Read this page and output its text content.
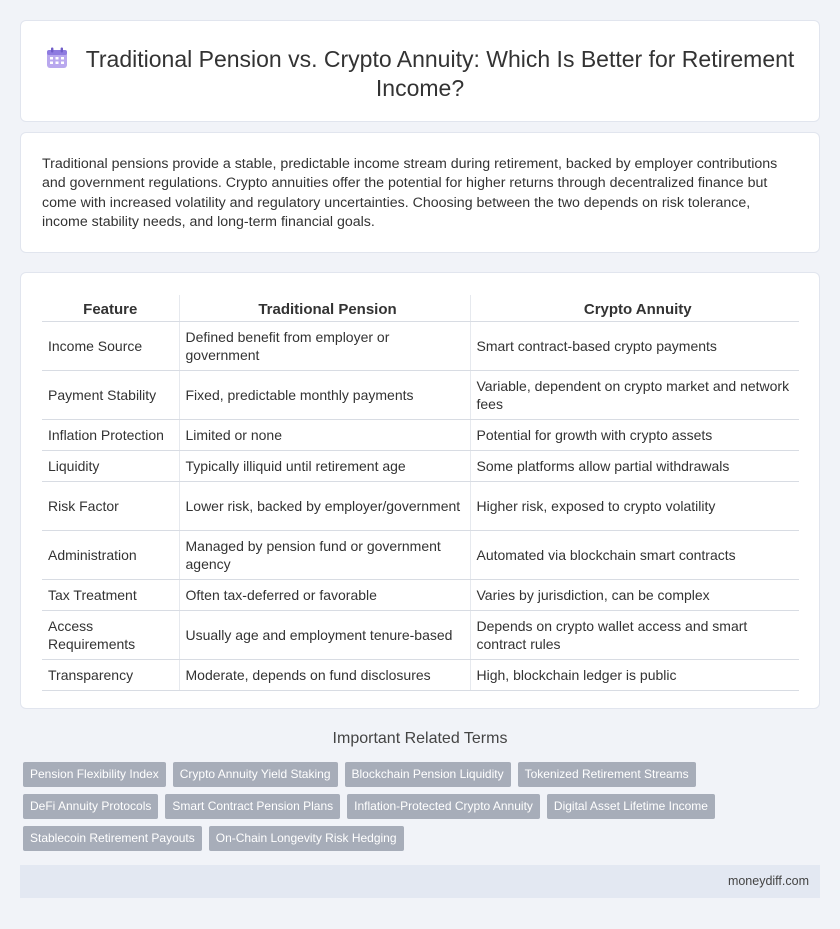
Traditional Pension vs. Crypto Annuity: Which Is Better for Retirement Income?

Traditional pensions provide a stable, predictable income stream during retirement, backed by employer contributions and government regulations. Crypto annuities offer the potential for higher returns through decentralized finance but come with increased volatility and regulatory uncertainties. Choosing between the two depends on risk tolerance, income stability needs, and long-term financial goals.

Feature	Traditional Pension	Crypto Annuity
Income Source	Defined benefit from employer or government	Smart contract-based crypto payments
Payment Stability	Fixed, predictable monthly payments	Variable, dependent on crypto market and network fees
Inflation Protection	Limited or none	Potential for growth with crypto assets
Liquidity	Typically illiquid until retirement age	Some platforms allow partial withdrawals
Risk Factor	Lower risk, backed by employer/government	Higher risk, exposed to crypto volatility
Administration	Managed by pension fund or government agency	Automated via blockchain smart contracts
Tax Treatment	Often tax-deferred or favorable	Varies by jurisdiction, can be complex
Access Requirements	Usually age and employment tenure-based	Depends on crypto wallet access and smart contract rules
Transparency	Moderate, depends on fund disclosures	High, blockchain ledger is public
Important Related Terms
Pension Flexibility Index	Crypto Annuity Yield Staking	Blockchain Pension Liquidity	Tokenized Retirement Streams
DeFi Annuity Protocols	Smart Contract Pension Plans	Inflation-Protected Crypto Annuity	Digital Asset Lifetime Income
Stablecoin Retirement Payouts	On-Chain Longevity Risk Hedging
moneydiff.com
